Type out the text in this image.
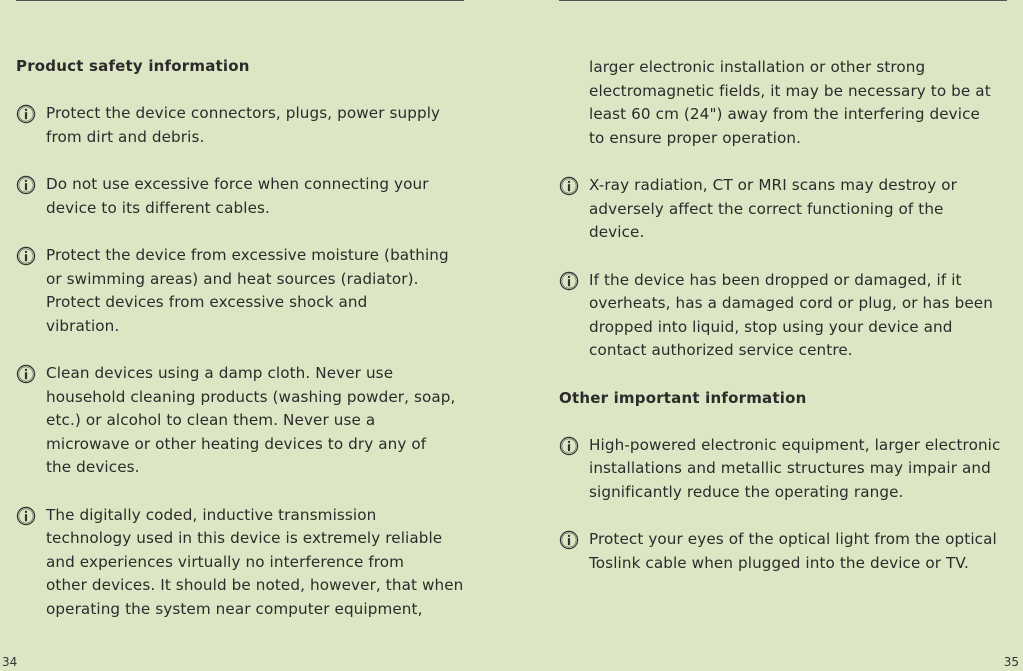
Product safety information
Protect the device connectors, plugs, power supply
from dirt and debris.
Do not use excessive force when connecting your
device to its different cables.
Protect the device from excessive moisture (bathing
or swimming areas) and heat sources (radiator).
Protect devices from excessive shock and
vibration.
Clean devices using a damp cloth. Never use
household cleaning products (washing powder, soap,
etc.) or alcohol to clean them. Never use a
microwave or other heating devices to dry any of
the devices.
The digitally coded, inductive transmission
technology used in this device is extremely reliable
and experiences virtually no interference from
other devices. It should be noted, however, that when
operating the system near computer equipment,
34
larger electronic installation or other strong
electromagnetic fields, it may be necessary to be at
least 60 cm (24") away from the interfering device
to ensure proper operation.
X-ray radiation, CT or MRI scans may destroy or
adversely affect the correct functioning of the
device.
If the device has been dropped or damaged, if it
overheats, has a damaged cord or plug, or has been
dropped into liquid, stop using your device and
contact authorized service centre.
Other important information
High-powered electronic equipment, larger electronic
installations and metallic structures may impair and
significantly reduce the operating range.
Protect your eyes of the optical light from the optical
Toslink cable when plugged into the device or TV.
35
